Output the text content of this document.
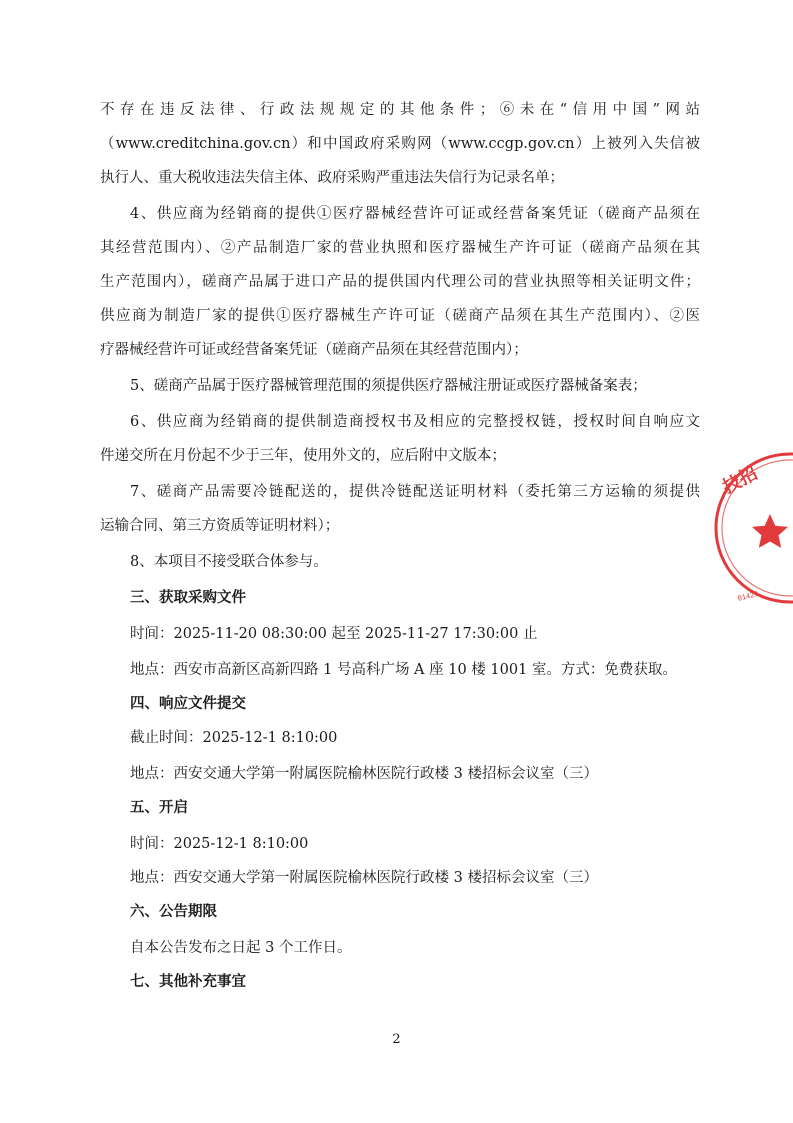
不存在违反法律、行政法规规定的其他条件；⑥未在“信用中国”网站
（www.creditchina.gov.cn）和中国政府采购网（www.ccgp.gov.cn）上被列入失信被
执行人、重大税收违法失信主体、政府采购严重违法失信行为记录名单；
4、供应商为经销商的提供①医疗器械经营许可证或经营备案凭证（磋商产品须在
其经营范围内）、②产品制造厂家的营业执照和医疗器械生产许可证（磋商产品须在其
生产范围内），磋商产品属于进口产品的提供国内代理公司的营业执照等相关证明文件；
供应商为制造厂家的提供①医疗器械生产许可证（磋商产品须在其生产范围内）、②医
疗器械经营许可证或经营备案凭证（磋商产品须在其经营范围内）；
5、磋商产品属于医疗器械管理范围的须提供医疗器械注册证或医疗器械备案表；
6、供应商为经销商的提供制造商授权书及相应的完整授权链，授权时间自响应文
件递交所在月份起不少于三年，使用外文的，应后附中文版本；
7、磋商产品需要冷链配送的，提供冷链配送证明材料（委托第三方运输的须提供
运输合同、第三方资质等证明材料）；
8、本项目不接受联合体参与。
三、获取采购文件
时间：2025-11-20 08:30:00 起至 2025-11-27 17:30:00 止
地点：西安市高新区高新四路 1 号高科广场 A 座 10 楼 1001 室。方式：免费获取。
四、响应文件提交
截止时间：2025-12-1 8:10:00
地点：西安交通大学第一附属医院榆林医院行政楼 3 楼招标会议室（三）
五、开启
时间：2025-12-1 8:10:00
地点：西安交通大学第一附属医院榆林医院行政楼 3 楼招标会议室（三）
六、公告期限
自本公告发布之日起 3 个工作日。
七、其他补充事宜
技招
01429
2
